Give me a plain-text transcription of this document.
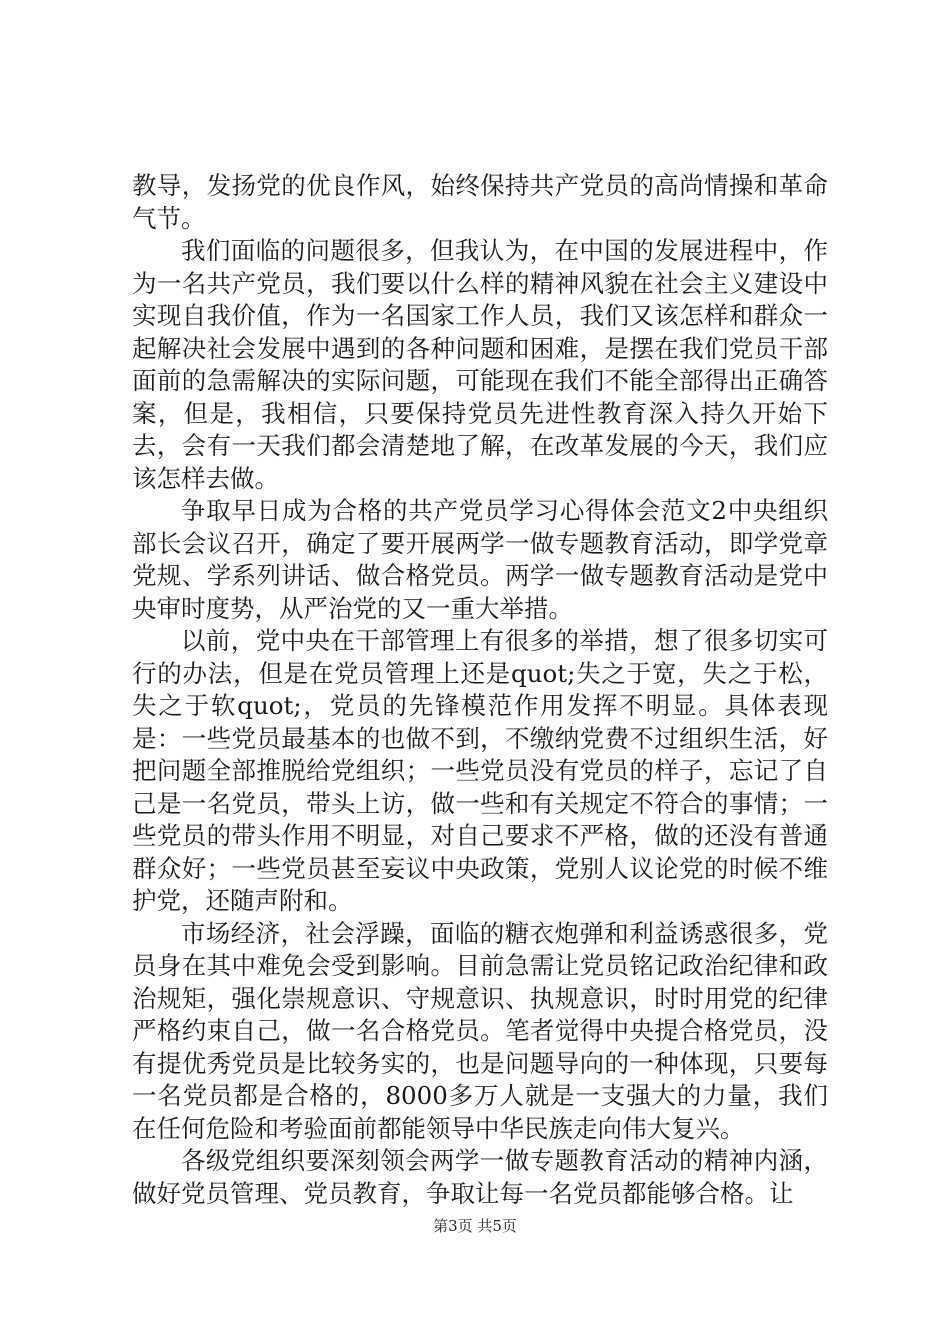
教导，发扬党的优良作风，始终保持共产党员的高尚情操和革命气节。

我们面临的问题很多，但我认为，在中国的发展进程中，作为一名共产党员，我们要以什么样的精神风貌在社会主义建设中实现自我价值，作为一名国家工作人员，我们又该怎样和群众一起解决社会发展中遇到的各种问题和困难，是摆在我们党员干部面前的急需解决的实际问题，可能现在我们不能全部得出正确答案，但是，我相信，只要保持党员先进性教育深入持久开始下去，会有一天我们都会清楚地了解，在改革发展的今天，我们应该怎样去做。

争取早日成为合格的共产党员学习心得体会范文2中央组织部长会议召开，确定了要开展两学一做专题教育活动，即学党章党规、学系列讲话、做合格党员。两学一做专题教育活动是党中央审时度势，从严治党的又一重大举措。

以前，党中央在干部管理上有很多的举措，想了很多切实可行的办法，但是在党员管理上还是quot;失之于宽，失之于松，失之于软quot;，党员的先锋模范作用发挥不明显。具体表现是：一些党员最基本的也做不到，不缴纳党费不过组织生活，好把问题全部推脱给党组织；一些党员没有党员的样子，忘记了自己是一名党员，带头上访，做一些和有关规定不符合的事情；一些党员的带头作用不明显，对自己要求不严格，做的还没有普通群众好；一些党员甚至妄议中央政策，党别人议论党的时候不维护党，还随声附和。

市场经济，社会浮躁，面临的糖衣炮弹和利益诱惑很多，党员身在其中难免会受到影响。目前急需让党员铭记政治纪律和政治规矩，强化崇规意识、守规意识、执规意识，时时用党的纪律严格约束自己，做一名合格党员。笔者觉得中央提合格党员，没有提优秀党员是比较务实的，也是问题导向的一种体现，只要每一名党员都是合格的，8000多万人就是一支强大的力量，我们在任何危险和考验面前都能领导中华民族走向伟大复兴。

各级党组织要深刻领会两学一做专题教育活动的精神内涵，做好党员管理、党员教育，争取让每一名党员都能够合格。让

第3页 共5页
